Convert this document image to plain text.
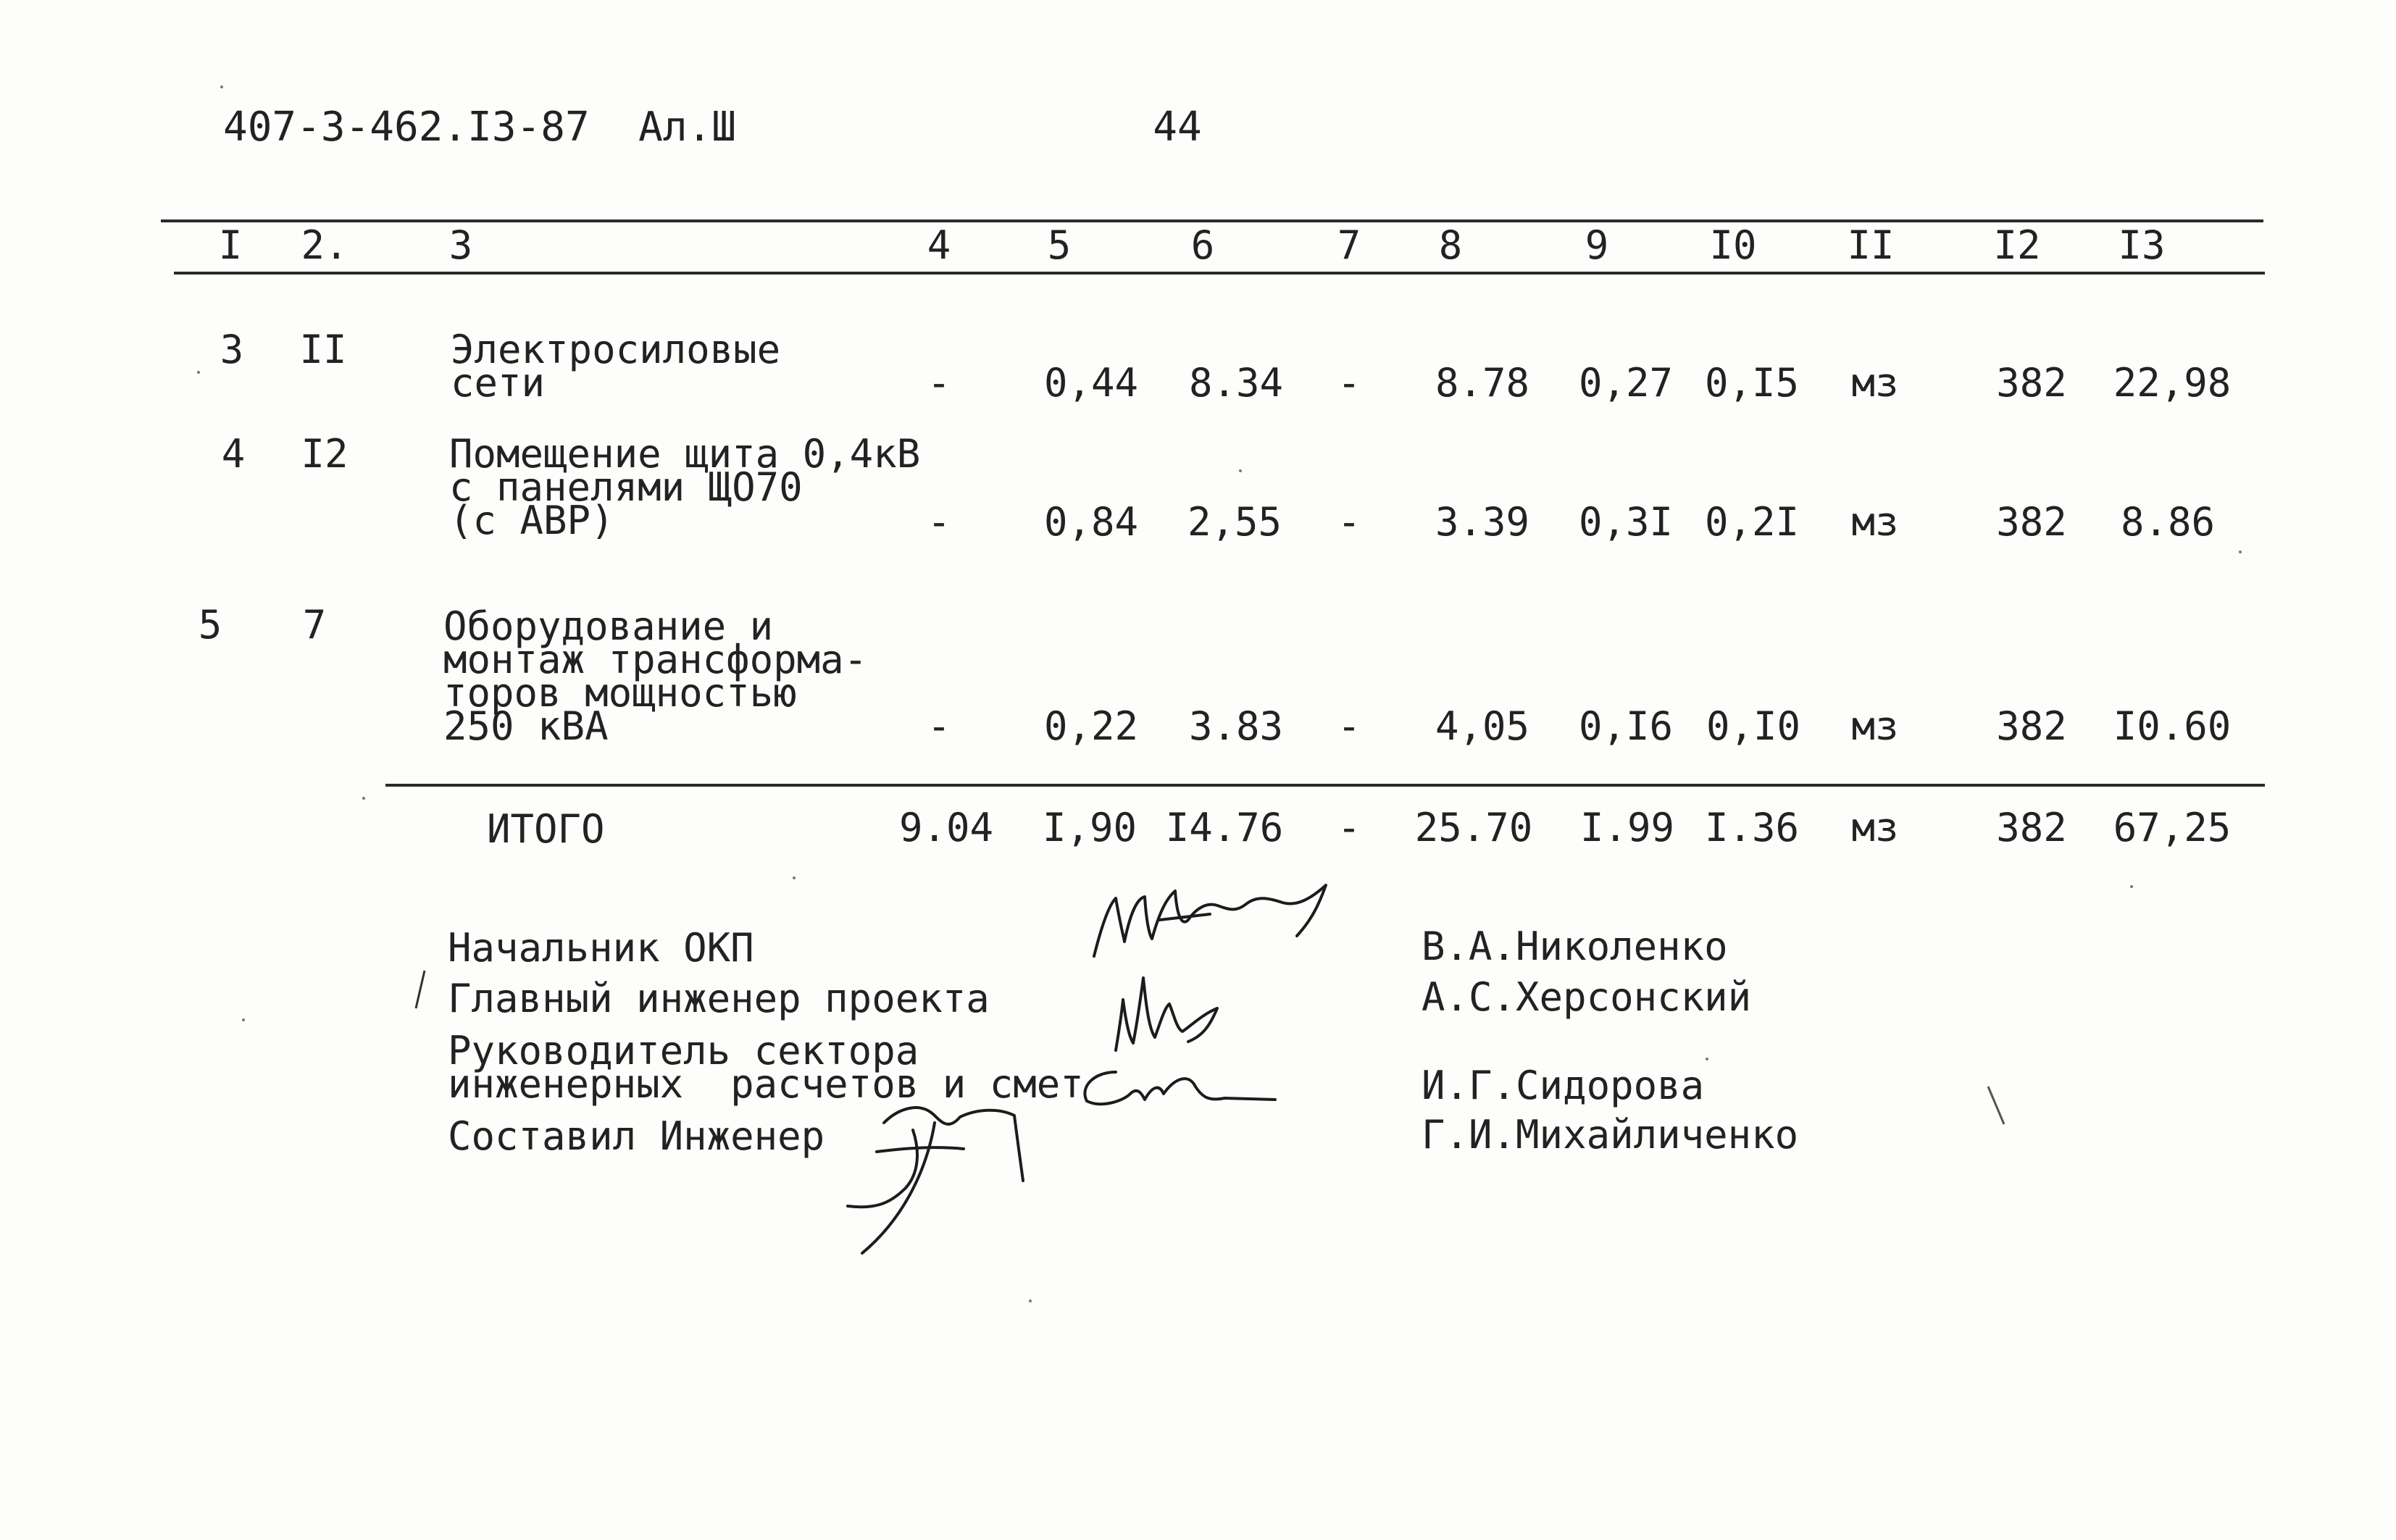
407-3-462.I3-87  Ал.Ш	44
I 2.	3	4 5	6	7 8	9	I0 II	I2 I3
3 II	Электросиловые
сети	- 0,44 8.34 - 8.78 0,27 0,I5 мз 382 22,98
4 I2	Помещение щита 0,4кВ
с панелями ЩО70
(с АВР)	- 0,84 2,55 - 3.39 0,3I 0,2I мз 382 8.86
5 7	Оборудование и
монтаж трансформа-
торов мощностью
250 кВА	- 0,22 3.83 - 4,05 0,I6 0,I0 мз 382 I0.60
ИТОГО	9.04 I,90 I4.76 - 25.70 I.99 I.36 мз 382 67,25
Начальник ОКП
Главный инженер проекта
Руководитель сектора
инженерных  расчетов и смет
Составил Инженер
В.А.Николенко
А.С.Херсонский
И.Г.Сидорова
Г.И.Михайличенко
